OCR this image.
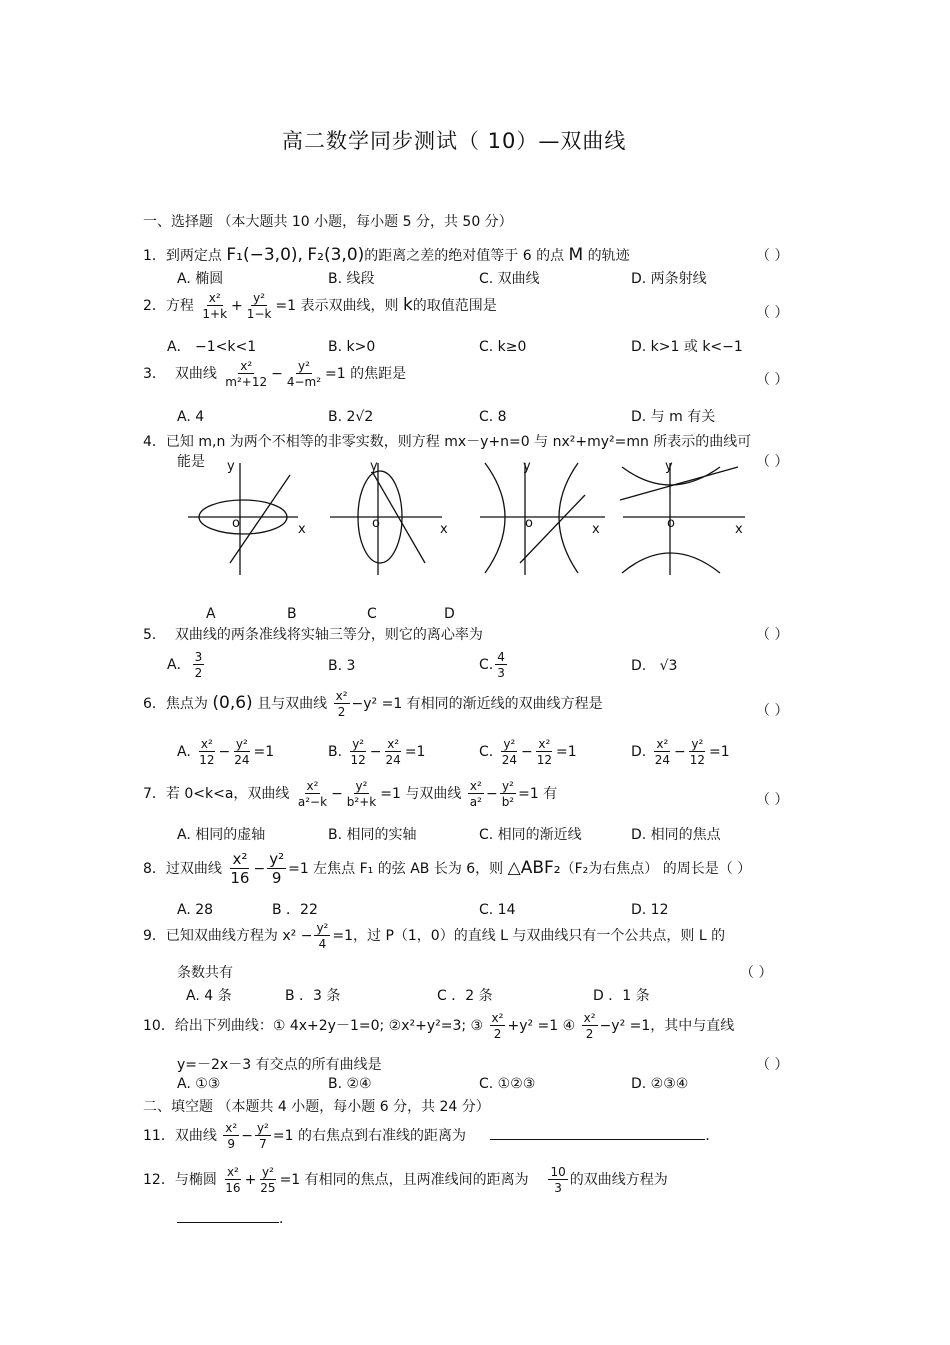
高二数学同步测试（ 10）—双曲线
一、选择题 （本大题共 10 小题，每小题 5 分，共 50 分）
1．到两定点 F₁(−3,0), F₂(3,0)的距离之差的绝对值等于 6 的点 M 的轨迹	（ ）
A. 椭圆	B. 线段	C. 双曲线	D. 两条射线
2．方程 $\frac{\text{x²}}{1+k} + \frac{\text{y²}}{1-k} =1$ 表示双曲线，则 k的取值范围是	（ ）
A． −1<k<1	B. k>0	C. k≥0	D. k>1 或 k<−1
3． 双曲线 $\frac{\text{x²}}{\text{m²+12}} - \frac{\text{y²}}{\text{4−m²}} =1$ 的焦距是	（ ）
A. 4	B. 2√2	C. 8	D. 与 m 有关
4．已知 m,n 为两个不相等的非零实数，则方程 mx－y+n=0 与 nx²+my²=mn 所表示的曲线可
能是	（ ）
y
x
o
y
x
o
y
x
o
y
x
o
A	B	C	D
5． 双曲线的两条准线将实轴三等分，则它的离心率为	（ ）
A． $\frac{3}{2}$	B. 3	C. $\frac{4}{3}$	D. √3
6．焦点为 (0,6) 且与双曲线 $\frac{\text{x²}}{2} -y^2 =1$ 有相同的渐近线的双曲线方程是	（ ）
A. $\frac{\text{x²}}{12} - \frac{\text{y²}}{24} =1$	B. $\frac{\text{y²}}{12} - \frac{\text{x²}}{24} =1$	C. $\frac{\text{y²}}{24} - \frac{\text{x²}}{12} =1$	D. $\frac{\text{x²}}{24} - \frac{\text{y²}}{12} =1$
7．若 0<k<a，双曲线 $\frac{\text{x²}}{\text{a²−k}} - \frac{\text{y²}}{\text{b²+k}} =1$ 与双曲线 $\frac{\text{x²}}{\text{a²}} - \frac{\text{y²}}{\text{b²}} =1$ 有	（ ）
A. 相同的虚轴	B. 相同的实轴	C. 相同的渐近线	D. 相同的焦点
8．过双曲线 $\frac{\text{x²}}{16} - \frac{\text{y²}}{9} =1$ 左焦点 F₁ 的弦 AB 长为 6，则 △ABF₂（F₂为右焦点） 的周长是（ ）
A. 28	B ．22	C. 14	D. 12
9．已知双曲线方程为 $x^2 - \frac{\text{y²}}{4} =1$，过 P（1，0）的直线 L 与双曲线只有一个公共点，则 L 的
条数共有	（ ）
A. 4 条	B ．3 条	C ．2 条	D ．1 条
10．给出下列曲线：① 4x+2y－1=0; ②x²+y²=3; ③ $\frac{\text{x²}}{2} +y^2 =1$ ④ $\frac{\text{x²}}{2} -y^2 =1$，其中与直线
y=－2x－3 有交点的所有曲线是	（ ）
A. ①③	B. ②④	C. ①②③	D. ②③④
二、填空题 （本题共 4 小题，每小题 6 分，共 24 分）
11．双曲线 $\frac{\text{x²}}{9} - \frac{\text{y²}}{7} =1$ 的右焦点到右准线的距离为	．
12．与椭圆 $\frac{\text{x²}}{16} + \frac{\text{y²}}{25} =1$ 有相同的焦点，且两准线间的距离为 $\frac{10}{3}$ 的双曲线方程为
．
